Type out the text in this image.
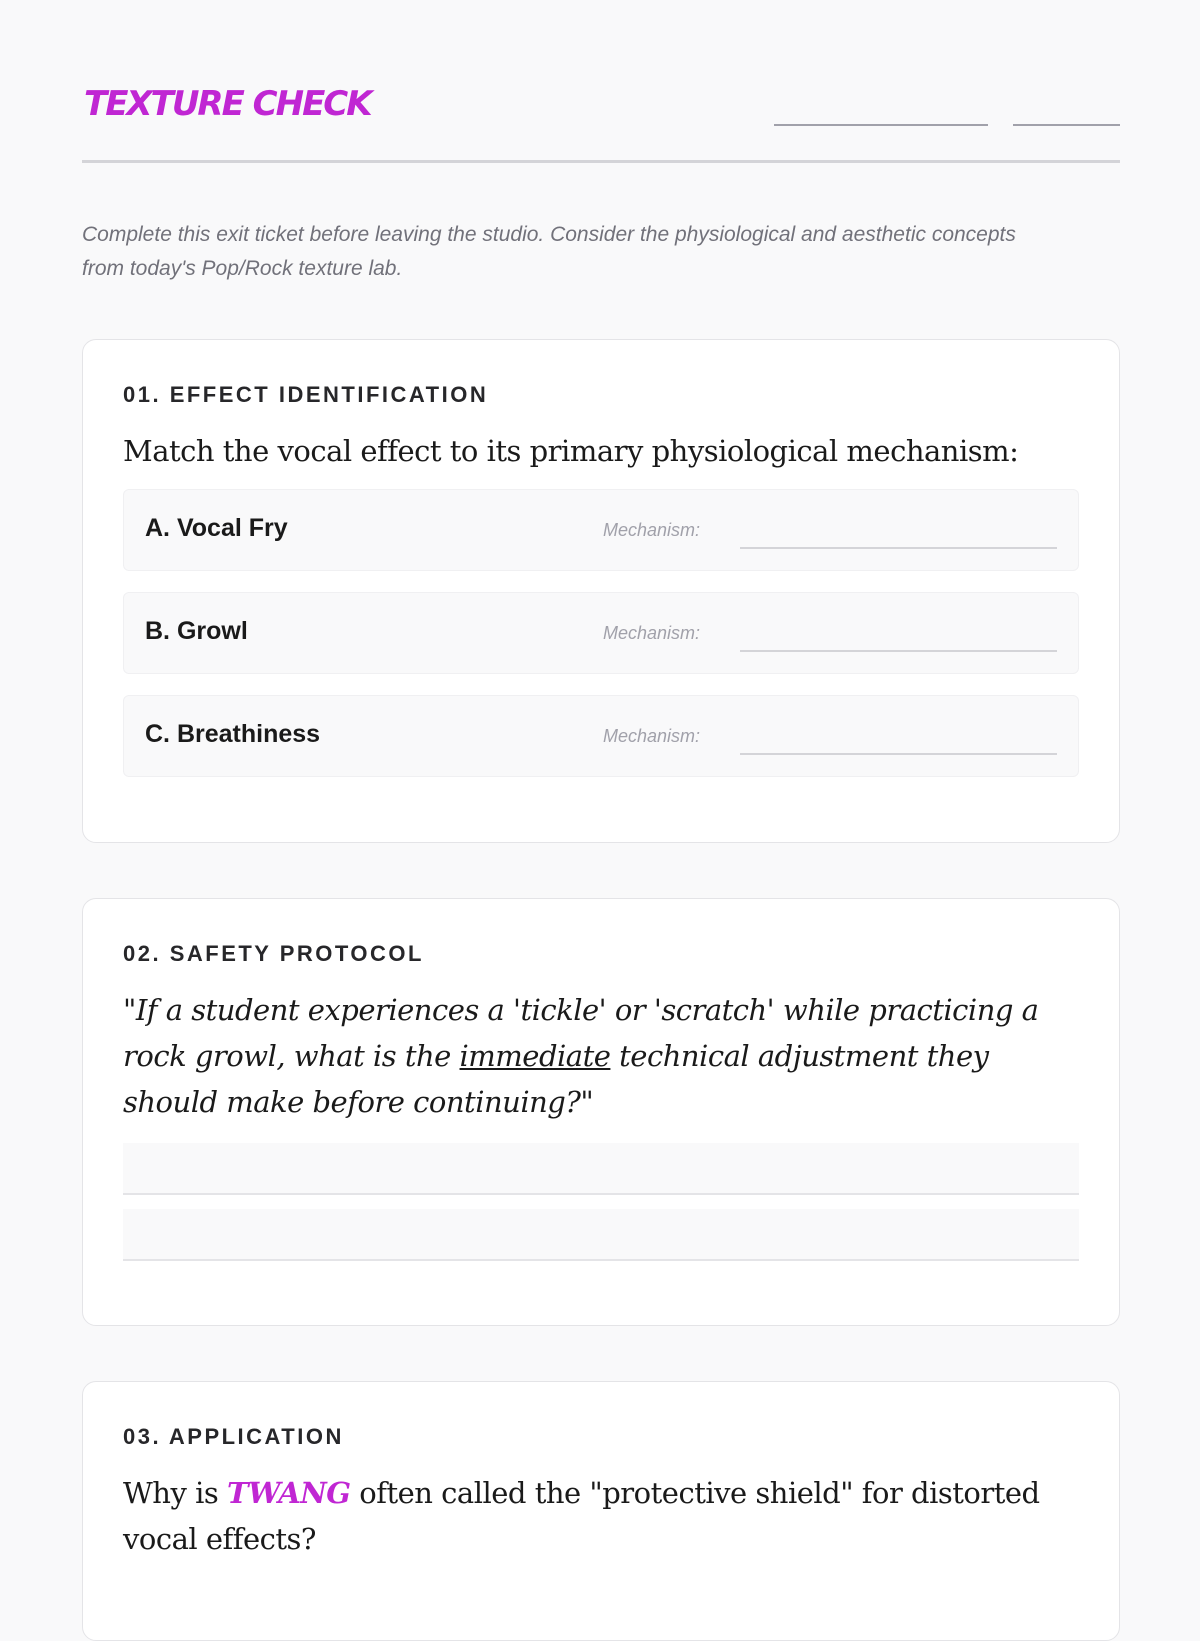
TEXTURE CHECK

Complete this exit ticket before leaving the studio. Consider the physiological and aesthetic concepts from today's Pop/Rock texture lab.

01. EFFECT IDENTIFICATION
Match the vocal effect to its primary physiological mechanism:
A. Vocal Fry	Mechanism:
B. Growl	Mechanism:
C. Breathiness	Mechanism:
02. SAFETY PROTOCOL
"If a student experiences a 'tickle' or 'scratch' while practicing a rock growl, what is the immediate technical adjustment they should make before continuing?"
03. APPLICATION
Why is TWANG often called the "protective shield" for distorted vocal effects?
